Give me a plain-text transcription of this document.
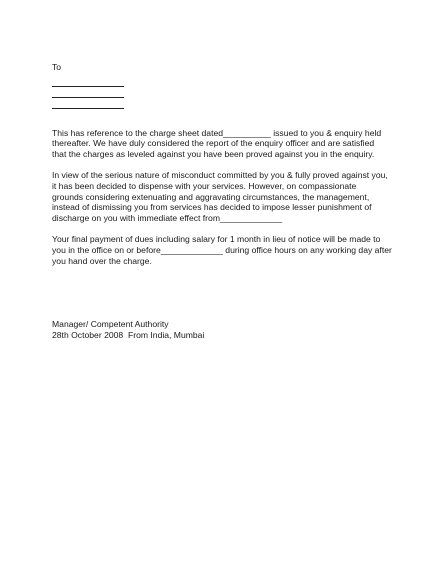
To

This has reference to the charge sheet dated__________ issued to you & enquiry held
thereafter. We have duly considered the report of the enquiry officer and are satisfied
that the charges as leveled against you have been proved against you in the enquiry.

In view of the serious nature of misconduct committed by you & fully proved against you,
it has been decided to dispense with your services. However, on compassionate
grounds considering extenuating and aggravating circumstances, the management,
instead of dismissing you from services has decided to impose lesser punishment of
discharge on you with immediate effect from_____________

Your final payment of dues including salary for 1 month in lieu of notice will be made to
you in the office on or before_____________ during office hours on any working day after
you hand over the charge.

Manager/ Competent Authority
28th October 2008  From India, Mumbai
